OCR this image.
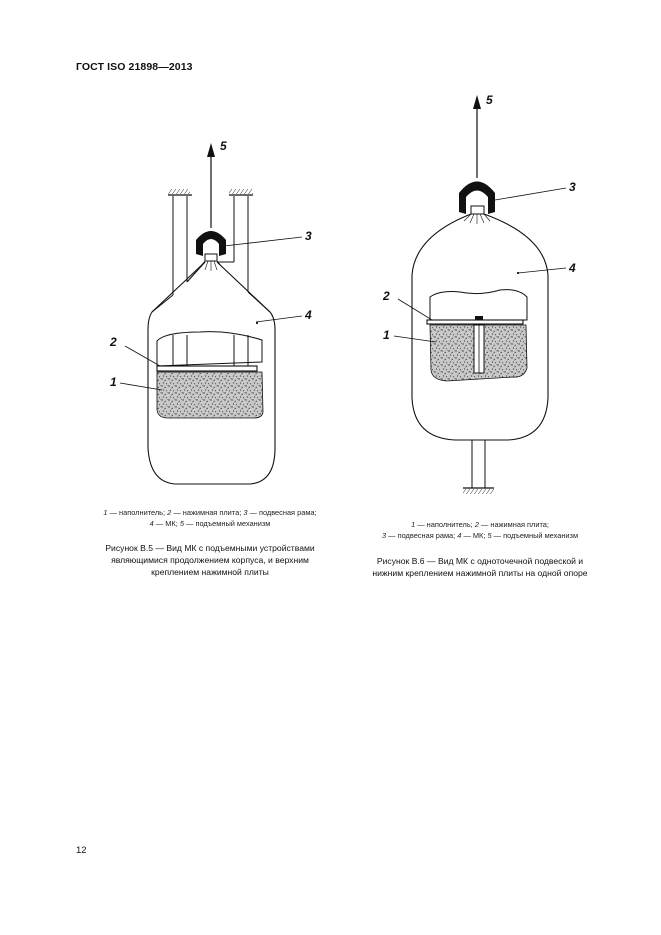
ГОСТ ISO 21898—2013
5
3
4
2
1
5
3
4
2
1
1 — наполнитель; 2 — нажимная плита; 3 — подвесная рама;
4 — МК; 5 — подъемный механизм
Рисунок В.5 — Вид МК с подъемными устройствами
являющимися продолжением корпуса, и верхним
креплением нажимной плиты
1 — наполнитель; 2 — нажимная плита;
3 — подвесная рама; 4 — МК; 5 — подъемный механизм
Рисунок В.6 — Вид МК с одноточечной подвеской и
нижним креплением нажимной плиты на одной опоре
12
